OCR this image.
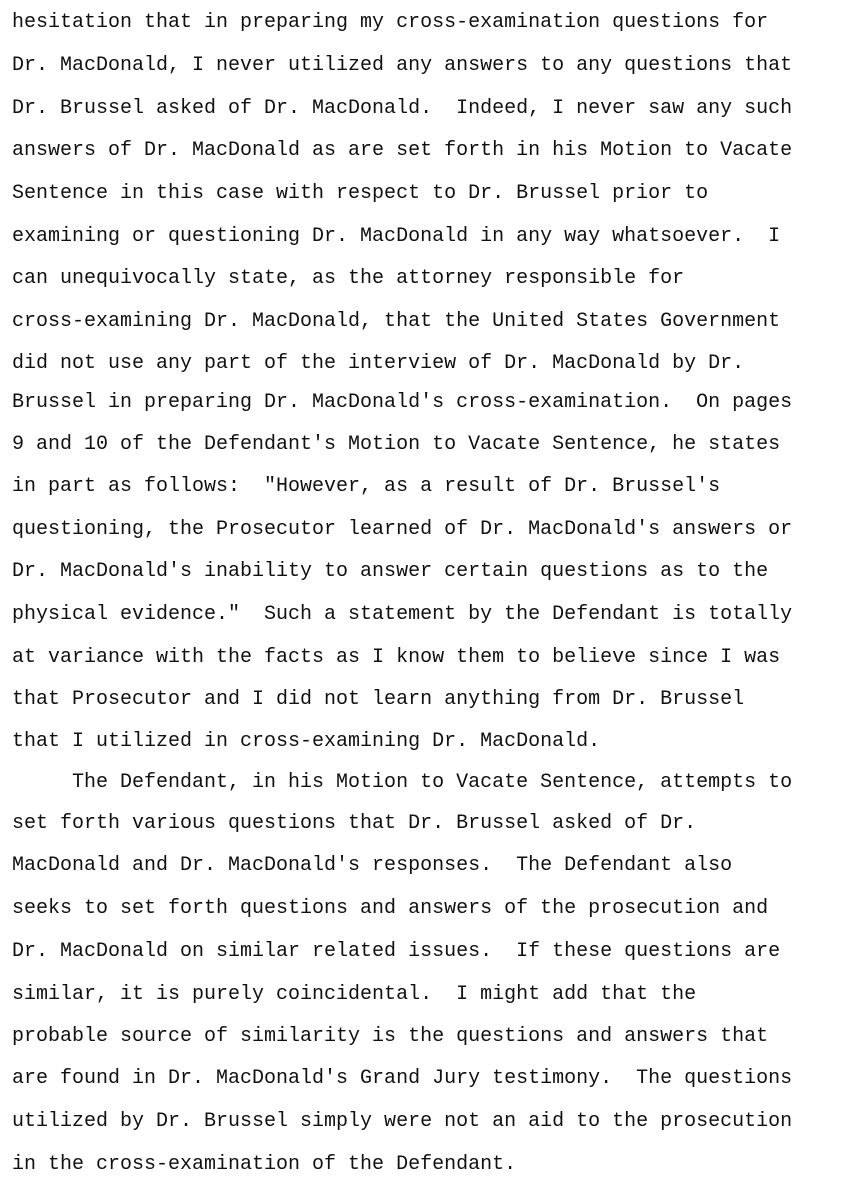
hesitation that in preparing my cross-examination questions for
Dr. MacDonald, I never utilized any answers to any questions that
Dr. Brussel asked of Dr. MacDonald.  Indeed, I never saw any such
answers of Dr. MacDonald as are set forth in his Motion to Vacate
Sentence in this case with respect to Dr. Brussel prior to
examining or questioning Dr. MacDonald in any way whatsoever.  I
can unequivocally state, as the attorney responsible for
cross-examining Dr. MacDonald, that the United States Government
did not use any part of the interview of Dr. MacDonald by Dr.
Brussel in preparing Dr. MacDonald's cross-examination.  On pages
9 and 10 of the Defendant's Motion to Vacate Sentence, he states
in part as follows:  "However, as a result of Dr. Brussel's
questioning, the Prosecutor learned of Dr. MacDonald's answers or
Dr. MacDonald's inability to answer certain questions as to the
physical evidence."  Such a statement by the Defendant is totally
at variance with the facts as I know them to believe since I was
that Prosecutor and I did not learn anything from Dr. Brussel
that I utilized in cross-examining Dr. MacDonald.
The Defendant, in his Motion to Vacate Sentence, attempts to
set forth various questions that Dr. Brussel asked of Dr.
MacDonald and Dr. MacDonald's responses.  The Defendant also
seeks to set forth questions and answers of the prosecution and
Dr. MacDonald on similar related issues.  If these questions are
similar, it is purely coincidental.  I might add that the
probable source of similarity is the questions and answers that
are found in Dr. MacDonald's Grand Jury testimony.  The questions
utilized by Dr. Brussel simply were not an aid to the prosecution
in the cross-examination of the Defendant.
